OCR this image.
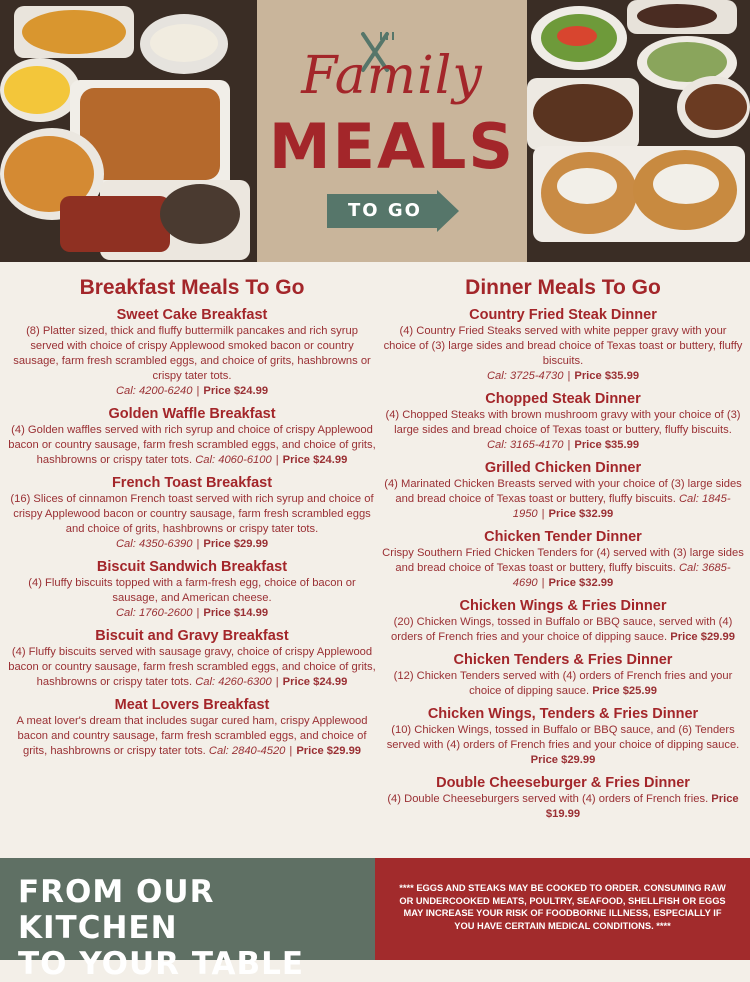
Family
MEALS
TO GO
Breakfast Meals To Go
Sweet Cake Breakfast
(8) Platter sized, thick and fluffy buttermilk pancakes and rich syrup served with choice of crispy Applewood smoked bacon or country sausage, farm fresh scrambled eggs, and choice of grits, hashbrowns or crispy tater tots.
Cal: 4200-6240 | Price $24.99
Golden Waffle Breakfast
(4) Golden waffles served with rich syrup and choice of crispy Applewood bacon or country sausage, farm fresh scrambled eggs, and choice of grits, hashbrowns or crispy tater tots. Cal: 4060-6100 | Price $24.99
French Toast Breakfast
(16) Slices of cinnamon French toast served with rich syrup and choice of crispy Applewood bacon or country sausage, farm fresh scrambled eggs and choice of grits, hashbrowns or crispy tater tots.
Cal: 4350-6390 | Price $29.99
Biscuit Sandwich Breakfast
(4) Fluffy biscuits topped with a farm-fresh egg, choice of bacon or sausage, and American cheese.
Cal: 1760-2600 | Price $14.99
Biscuit and Gravy Breakfast
(4) Fluffy biscuits served with sausage gravy, choice of crispy Applewood bacon or country sausage, farm fresh scrambled eggs, and choice of grits, hashbrowns or crispy tater tots. Cal: 4260-6300 | Price $24.99
Meat Lovers Breakfast
A meat lover's dream that includes sugar cured ham, crispy Applewood bacon and country sausage, farm fresh scrambled eggs, and choice of grits, hashbrowns or crispy tater tots. Cal: 2840-4520 | Price $29.99
Dinner Meals To Go
Country Fried Steak Dinner
(4) Country Fried Steaks served with white pepper gravy with your choice of (3) large sides and bread choice of Texas toast or buttery, fluffy biscuits.
Cal: 3725-4730 | Price $35.99
Chopped Steak Dinner
(4) Chopped Steaks with brown mushroom gravy with your choice of (3) large sides and bread choice of Texas toast or buttery, fluffy biscuits.
Cal: 3165-4170 | Price $35.99
Grilled Chicken Dinner
(4) Marinated Chicken Breasts served with your choice of (3) large sides and bread choice of Texas toast or buttery, fluffy biscuits. Cal: 1845-1950 | Price $32.99
Chicken Tender Dinner
Crispy Southern Fried Chicken Tenders for (4) served with (3) large sides and bread choice of Texas toast or buttery, fluffy biscuits. Cal: 3685-4690 | Price $32.99
Chicken Wings & Fries Dinner
(20) Chicken Wings, tossed in Buffalo or BBQ sauce, served with (4) orders of French fries and your choice of dipping sauce. Price $29.99
Chicken Tenders & Fries Dinner
(12) Chicken Tenders served with (4) orders of French fries and your choice of dipping sauce. Price $25.99
Chicken Wings, Tenders & Fries Dinner
(10) Chicken Wings, tossed in Buffalo or BBQ sauce, and (6) Tenders served with (4) orders of French fries and your choice of dipping sauce. Price $29.99
Double Cheeseburger & Fries Dinner
(4) Double Cheeseburgers served with (4) orders of French fries. Price $19.99
FROM OUR KITCHEN
TO YOUR TABLE
**** EGGS AND STEAKS MAY BE COOKED TO ORDER. CONSUMING RAW OR UNDERCOOKED MEATS, POULTRY, SEAFOOD, SHELLFISH OR EGGS MAY INCREASE YOUR RISK OF FOODBORNE ILLNESS, ESPECIALLY IF YOU HAVE CERTAIN MEDICAL CONDITIONS. ****
